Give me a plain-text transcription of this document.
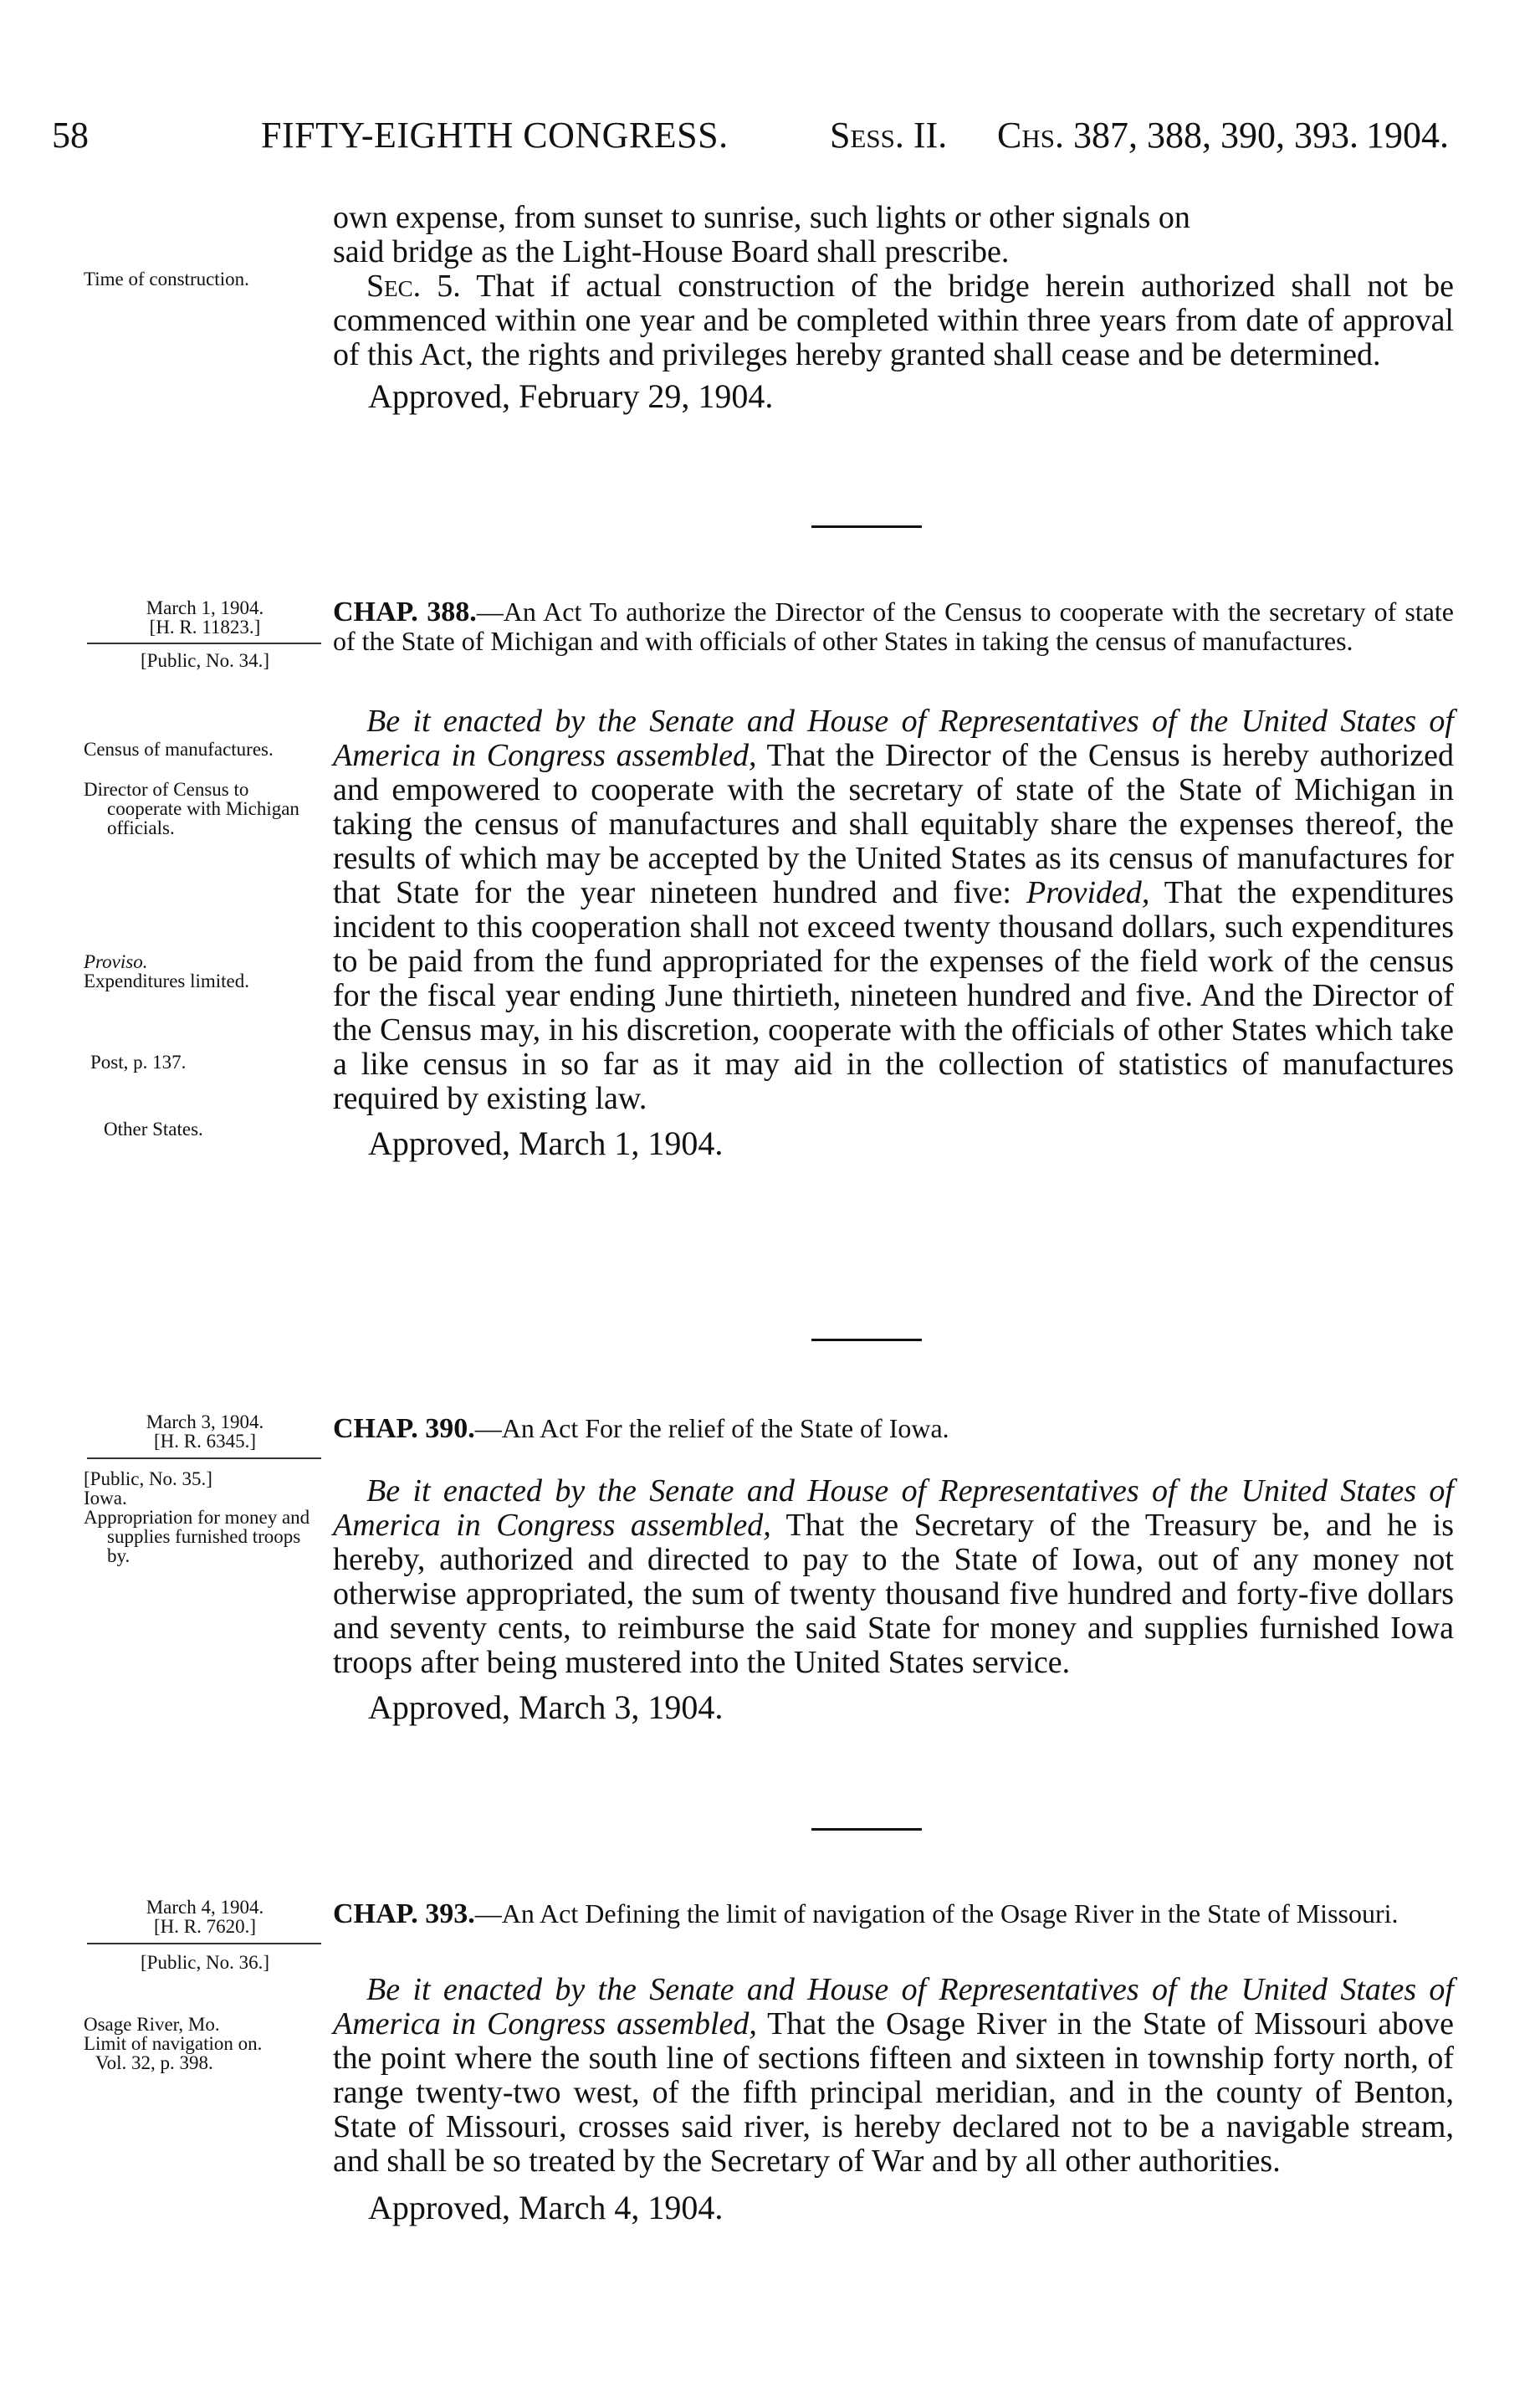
58	FIFTY-EIGHTH CONGRESS.	Sess. II. Chs. 387, 388, 390, 393. 1904.

own expense, from sunset to sunrise, such lights or other signals on

said bridge as the Light-House Board shall prescribe.

Sec. 5. That if actual construction of the bridge herein authorized shall not be commenced within one year and be completed within three years from date of approval of this Act, the rights and privileges hereby granted shall cease and be determined.

Approved, February 29, 1904.

Time of construction.
March 1, 1904.
[H. R. 11823.]
[Public, No. 34.]
CHAP. 388.—An Act To authorize the Director of the Census to cooperate with the secretary of state of the State of Michigan and with officials of other States in taking the census of manufactures.

Be it enacted by the Senate and House of Representatives of the United States of America in Congress assembled, That the Director of the Census is hereby authorized and empowered to cooperate with the secretary of state of the State of Michigan in taking the census of manufactures and shall equitably share the expenses thereof, the results of which may be accepted by the United States as its census of manufactures for that State for the year nineteen hundred and five: Provided, That the expenditures incident to this cooperation shall not exceed twenty thousand dollars, such expenditures to be paid from the fund appropriated for the expenses of the field work of the census for the fiscal year ending June thirtieth, nineteen hundred and five. And the Director of the Census may, in his discretion, cooperate with the officials of other States which take a like census in so far as it may aid in the collection of statistics of manufactures required by existing law.

Approved, March 1, 1904.

Census of manufactures.
Director of Census to cooperate with Michigan officials.
Proviso.
Expenditures limited.
Post, p. 137.
Other States.
March 3, 1904.
[H. R. 6345.]
[Public, No. 35.]
Iowa.
Appropriation for money and supplies furnished troops by.
CHAP. 390.—An Act For the relief of the State of Iowa.

Be it enacted by the Senate and House of Representatives of the United States of America in Congress assembled, That the Secretary of the Treasury be, and he is hereby, authorized and directed to pay to the State of Iowa, out of any money not otherwise appropriated, the sum of twenty thousand five hundred and forty-five dollars and seventy cents, to reimburse the said State for money and supplies furnished Iowa troops after being mustered into the United States service.

Approved, March 3, 1904.

March 4, 1904.
[H. R. 7620.]
[Public, No. 36.]
CHAP. 393.—An Act Defining the limit of navigation of the Osage River in the State of Missouri.

Be it enacted by the Senate and House of Representatives of the United States of America in Congress assembled, That the Osage River in the State of Missouri above the point where the south line of sections fifteen and sixteen in township forty north, of range twenty-two west, of the fifth principal meridian, and in the county of Benton, State of Missouri, crosses said river, is hereby declared not to be a navigable stream, and shall be so treated by the Secretary of War and by all other authorities.

Approved, March 4, 1904.

Osage River, Mo.
Limit of navigation on.
Vol. 32, p. 398.
